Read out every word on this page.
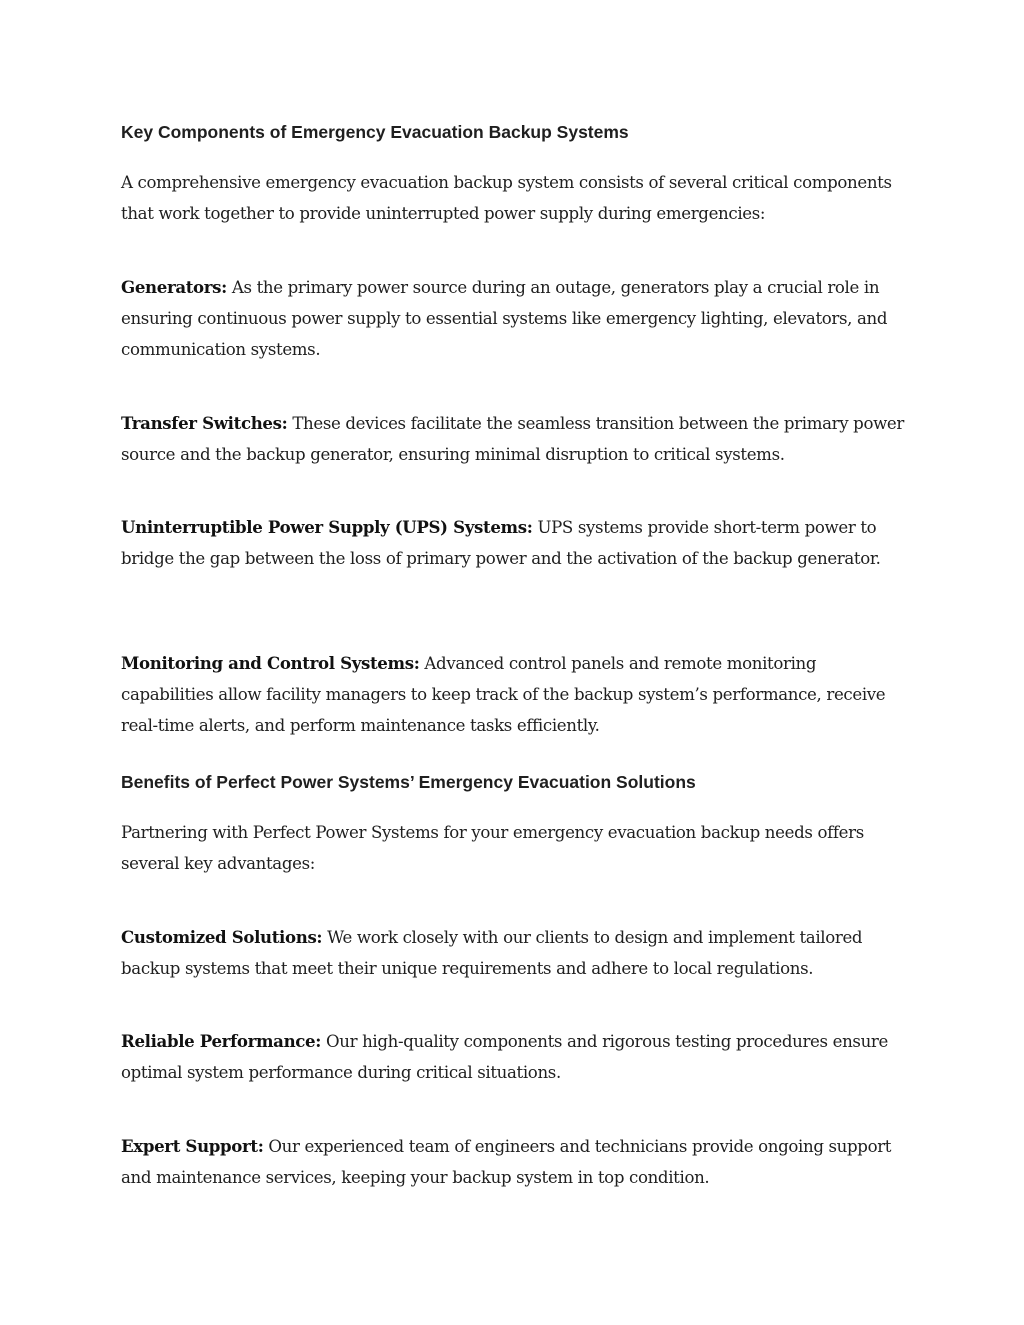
Key Components of Emergency Evacuation Backup Systems

A comprehensive emergency evacuation backup system consists of several critical components that work together to provide uninterrupted power supply during emergencies:

Generators: As the primary power source during an outage, generators play a crucial role in ensuring continuous power supply to essential systems like emergency lighting, elevators, and communication systems.

Transfer Switches: These devices facilitate the seamless transition between the primary power source and the backup generator, ensuring minimal disruption to critical systems.

Uninterruptible Power Supply (UPS) Systems: UPS systems provide short-term power to bridge the gap between the loss of primary power and the activation of the backup generator.

Monitoring and Control Systems: Advanced control panels and remote monitoring capabilities allow facility managers to keep track of the backup system’s performance, receive real-time alerts, and perform maintenance tasks efficiently.

Benefits of Perfect Power Systems’ Emergency Evacuation Solutions

Partnering with Perfect Power Systems for your emergency evacuation backup needs offers several key advantages:

Customized Solutions: We work closely with our clients to design and implement tailored backup systems that meet their unique requirements and adhere to local regulations.

Reliable Performance: Our high-quality components and rigorous testing procedures ensure optimal system performance during critical situations.

Expert Support: Our experienced team of engineers and technicians provide ongoing support and maintenance services, keeping your backup system in top condition.
